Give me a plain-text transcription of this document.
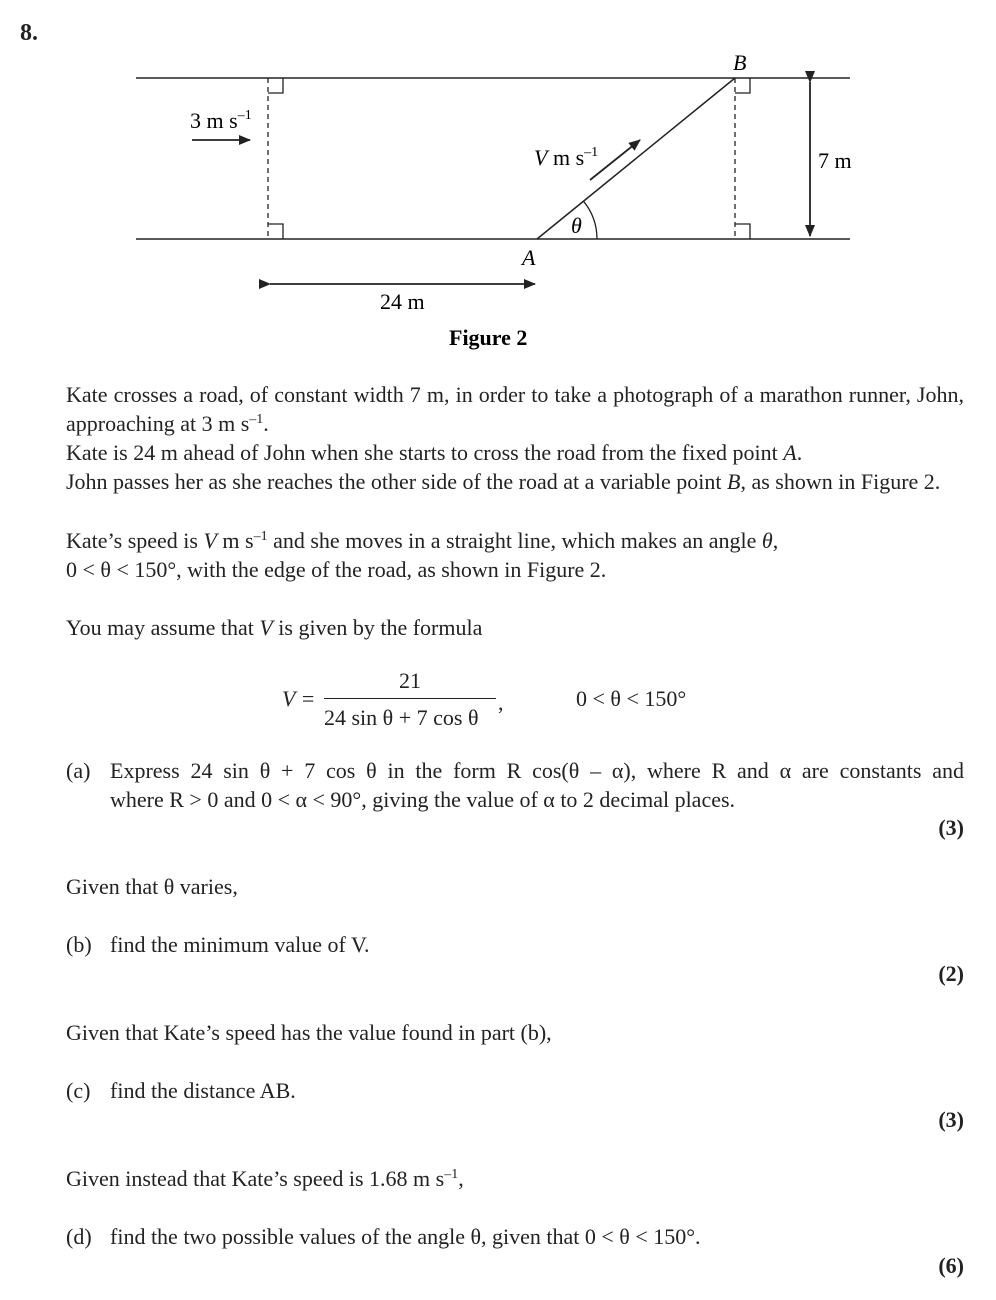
8.
B
A
θ
3 m $s^{-1}$
V m $s^{-1}$	7 m
24 m
Figure 2
Kate crosses a road, of constant width 7 m, in order to take a photograph of a marathon runner, John, approaching at 3 m $s^{-1}$.
Kate is 24 m ahead of John when she starts to cross the road from the fixed point A.
John passes her as she reaches the other side of the road at a variable point B, as shown in Figure 2.
Kate’s speed is V m $s^{-1}$ and she moves in a straight line, which makes an angle θ,
0 < θ < 150°, with the edge of the road, as shown in Figure 2.
You may assume that V is given by the formula
V =
21
24 sin θ + 7 cos θ
,	0 < θ < 150°
(a) Express 24 sin θ + 7 cos θ in the form R cos(θ – α), where R and α are constants and
where R > 0 and 0 < α < 90°, giving the value of α to 2 decimal places.
(3)
Given that θ varies,
(b) find the minimum value of V.
(2)
Given that Kate’s speed has the value found in part (b),
(c) find the distance AB.
(3)
Given instead that Kate’s speed is 1.68 m $s^{-1}$,
(d) find the two possible values of the angle θ, given that 0 < θ < 150°.
(6)
